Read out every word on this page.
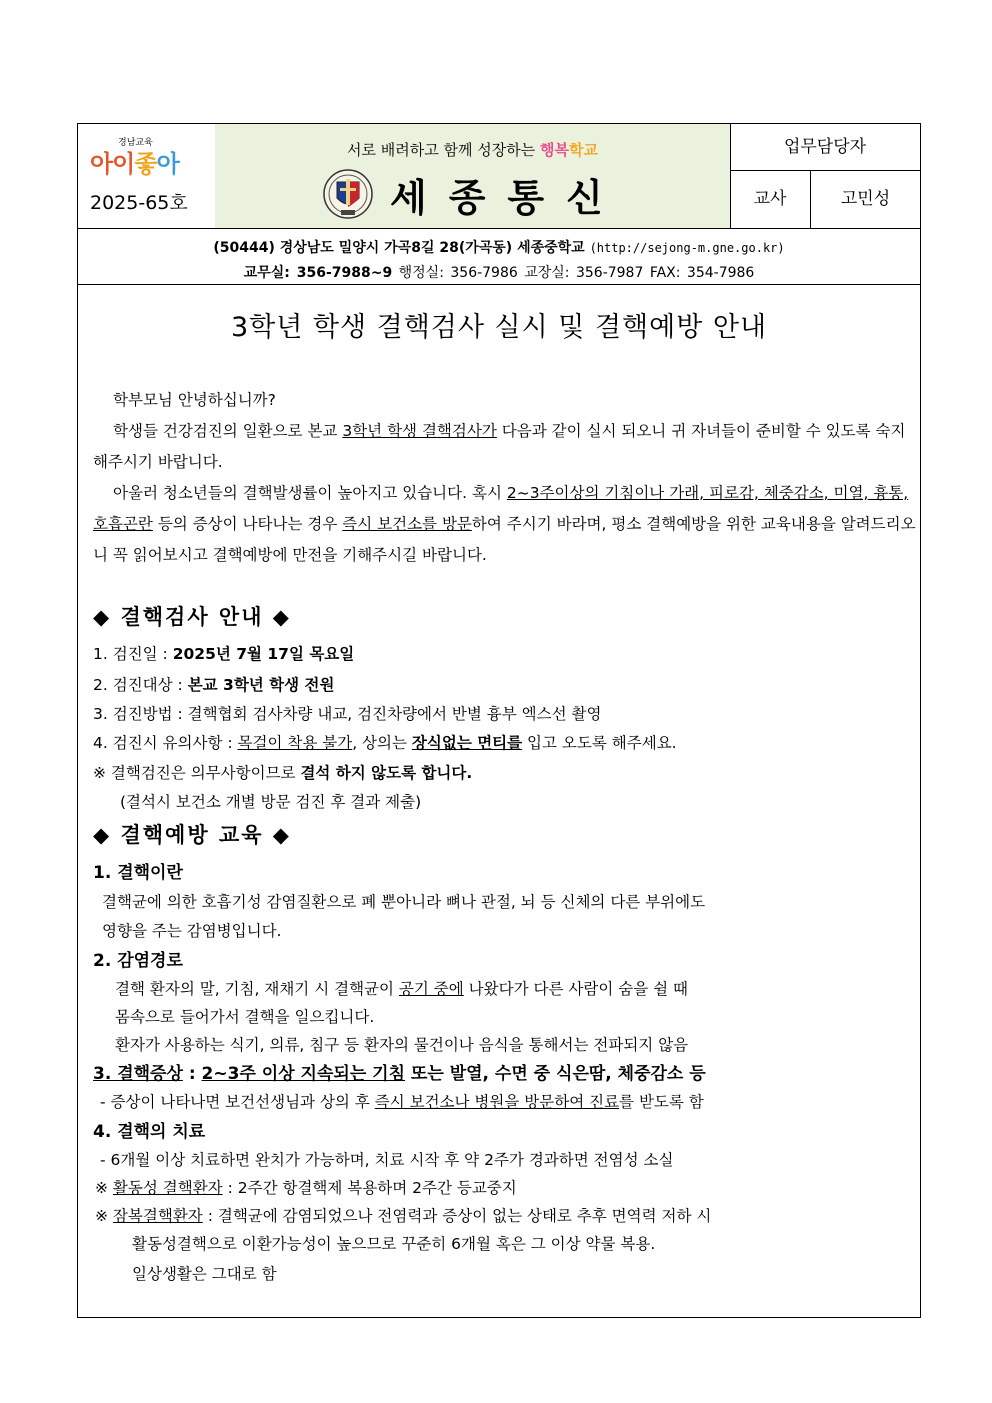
경남교육
아이좋아
2025-65호
서로 배려하고 함께 성장하는 행복학교
세종통신
업무담당자
교사	고민성
(50444) 경상남도 밀양시 가곡8길 28(가곡동) 세종중학교 (http://sejong-m.gne.go.kr)
교무실: 356-7988~9 행정실: 356-7986 교장실: 356-7987 FAX: 354-7986
3학년 학생 결핵검사 실시 및 결핵예방 안내
학부모님 안녕하십니까?
학생들 건강검진의 일환으로 본교 3학년 학생 결핵검사가 다음과 같이 실시 되오니 귀 자녀들이 준비할 수 있도록 숙지해주시기 바랍니다.
아울러 청소년들의 결핵발생률이 높아지고 있습니다. 혹시 2~3주이상의 기침이나 가래, 피로감, 체중감소, 미열, 흉통, 호흡곤란 등의 증상이 나타나는 경우 즉시 보건소를 방문하여 주시기 바라며, 평소 결핵예방을 위한 교육내용을 알려드리오니 꼭 읽어보시고 결핵예방에 만전을 기해주시길 바랍니다.
◆ 결핵검사 안내 ◆
1. 검진일 : 2025년 7월 17일 목요일
2. 검진대상 : 본교 3학년 학생 전원
3. 검진방법 : 결핵협회 검사차량 내교, 검진차량에서 반별 흉부 엑스선 촬영
4. 검진시 유의사항 : 목걸이 착용 불가, 상의는 장식없는 면티를 입고 오도록 해주세요.
※ 결핵검진은 의무사항이므로 결석 하지 않도록 합니다.
(결석시 보건소 개별 방문 검진 후 결과 제출)
◆ 결핵예방 교육 ◆
1. 결핵이란
결핵균에 의한 호흡기성 감염질환으로 폐 뿐아니라 뼈나 관절, 뇌 등 신체의 다른 부위에도
영향을 주는 감염병입니다.
2. 감염경로
결핵 환자의 말, 기침, 재채기 시 결핵균이 공기 중에 나왔다가 다른 사람이 숨을 쉴 때
몸속으로 들어가서 결핵을 일으킵니다.
환자가 사용하는 식기, 의류, 침구 등 환자의 물건이나 음식을 통해서는 전파되지 않음
3. 결핵증상 : 2~3주 이상 지속되는 기침 또는 발열, 수면 중 식은땀, 체중감소 등
- 증상이 나타나면 보건선생님과 상의 후 즉시 보건소나 병원을 방문하여 진료를 받도록 함
4. 결핵의 치료
- 6개월 이상 치료하면 완치가 가능하며, 치료 시작 후 약 2주가 경과하면 전염성 소실
※ 활동성 결핵환자 : 2주간 항결핵제 복용하며 2주간 등교중지
※ 잠복결핵환자 : 결핵균에 감염되었으나 전염력과 증상이 없는 상태로 추후 면역력 저하 시
활동성결핵으로 이환가능성이 높으므로 꾸준히 6개월 혹은 그 이상 약물 복용.
일상생활은 그대로 함
